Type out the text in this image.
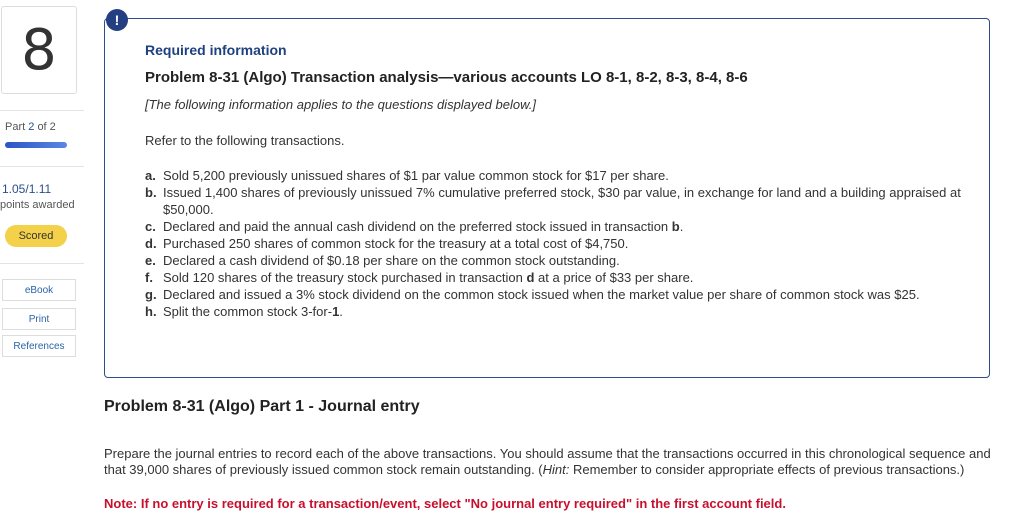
8
Part 2 of 2
1.05/1.11
points awarded
Scored
eBook
Print
References
!
Required information
Problem 8-31 (Algo) Transaction analysis—various accounts LO 8-1, 8-2, 8-3, 8-4, 8-6
[The following information applies to the questions displayed below.]
Refer to the following transactions.
a. Sold 5,200 previously unissued shares of $1 par value common stock for $17 per share.
b. Issued 1,400 shares of previously unissued 7% cumulative preferred stock, $30 par value, in exchange for land and a building appraised at $50,000.
c. Declared and paid the annual cash dividend on the preferred stock issued in transaction b.
d. Purchased 250 shares of common stock for the treasury at a total cost of $4,750.
e. Declared a cash dividend of $0.18 per share on the common stock outstanding.
f. Sold 120 shares of the treasury stock purchased in transaction d at a price of $33 per share.
g. Declared and issued a 3% stock dividend on the common stock issued when the market value per share of common stock was $25.
h. Split the common stock 3-for-1.
Problem 8-31 (Algo) Part 1 - Journal entry

Prepare the journal entries to record each of the above transactions. You should assume that the transactions occurred in this chronological sequence and that 39,000 shares of previously issued common stock remain outstanding. (Hint: Remember to consider appropriate effects of previous transactions.)

Note: If no entry is required for a transaction/event, select "No journal entry required" in the first account field.
